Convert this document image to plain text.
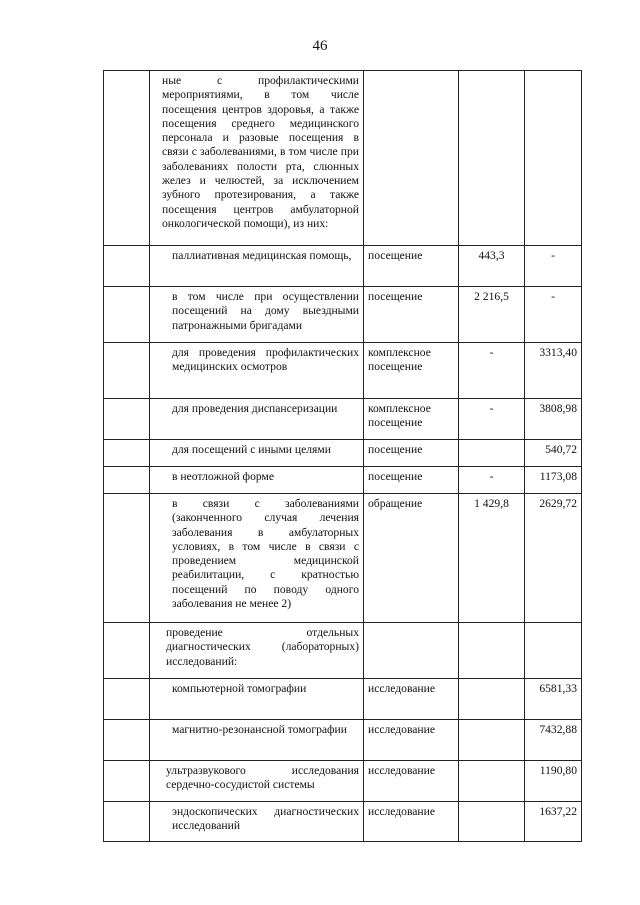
46
	ные с профилактическими мероприятиями, в том числе посещения центров здоровья, а также посещения среднего медицинского персонала и разовые посещения в связи с заболеваниями, в том числе при заболеваниях полости рта, слюнных желез и челюстей, за исключением зубного протезирования, а также посещения центров амбулаторной онкологической помощи), из них:			
	паллиативная медицинская помощь,	посещение	443,3	-
	в том числе при осуществлении посещений на дому выездными патронажными бригадами	посещение	2 216,5	-
	для проведения профилактических медицинских осмотров	комплексное посещение	-	3313,40
	для проведения диспансеризации	комплексное посещение	-	3808,98
	для посещений с иными целями	посещение		540,72
	в неотложной форме	посещение	-	1173,08
	в связи с заболеваниями (законченного случая лечения заболевания в амбулаторных условиях, в том числе в связи с проведением медицинской реабилитации, с кратностью посещений по поводу одного заболевания не менее 2)	обращение	1 429,8	2629,72
	проведение отдельных диагностических (лабораторных) исследований:			
	компьютерной томографии	исследование		6581,33
	магнитно-резонансной томографии	исследование		7432,88
	ультразвукового исследования сердечно-сосудистой системы	исследование		1190,80
	эндоскопических диагностических исследований	исследование		1637,22
